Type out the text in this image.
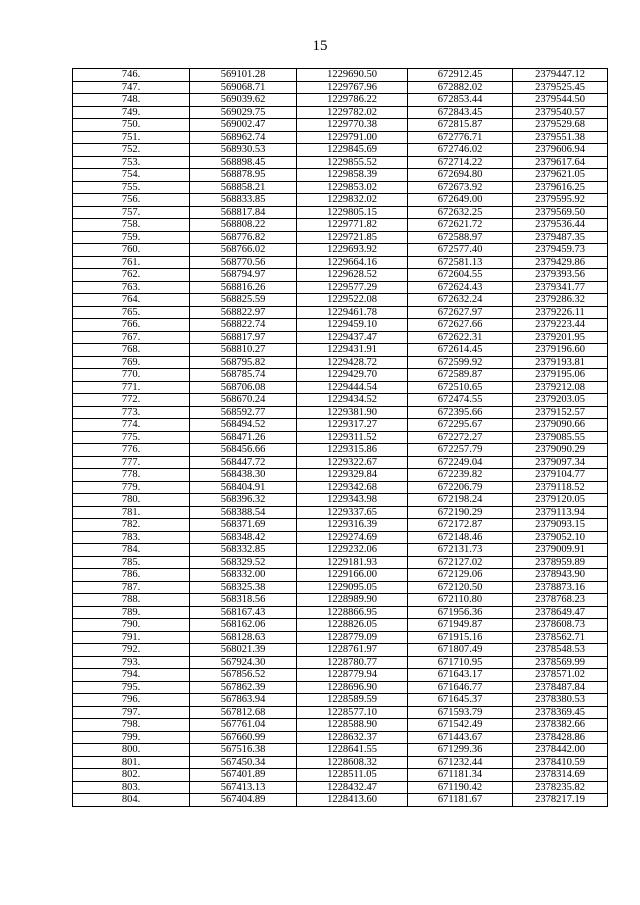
15
746.	569101.28	1229690.50	672912.45	2379447.12
747.	569068.71	1229767.96	672882.02	2379525.45
748.	569039.62	1229786.22	672853.44	2379544.50
749.	569029.75	1229782.02	672843.45	2379540.57
750.	569002.47	1229770.38	672815.87	2379529.68
751.	568962.74	1229791.00	672776.71	2379551.38
752.	568930.53	1229845.69	672746.02	2379606.94
753.	568898.45	1229855.52	672714.22	2379617.64
754.	568878.95	1229858.39	672694.80	2379621.05
755.	568858.21	1229853.02	672673.92	2379616.25
756.	568833.85	1229832.02	672649.00	2379595.92
757.	568817.84	1229805.15	672632.25	2379569.50
758.	568808.22	1229771.82	672621.72	2379536.44
759.	568776.82	1229721.85	672588.97	2379487.35
760.	568766.02	1229693.92	672577.40	2379459.73
761.	568770.56	1229664.16	672581.13	2379429.86
762.	568794.97	1229628.52	672604.55	2379393.56
763.	568816.26	1229577.29	672624.43	2379341.77
764.	568825.59	1229522.08	672632.24	2379286.32
765.	568822.97	1229461.78	672627.97	2379226.11
766.	568822.74	1229459.10	672627.66	2379223.44
767.	568817.97	1229437.47	672622.31	2379201.95
768.	568810.27	1229431.91	672614.45	2379196.60
769.	568795.82	1229428.72	672599.92	2379193.81
770.	568785.74	1229429.70	672589.87	2379195.06
771.	568706.08	1229444.54	672510.65	2379212.08
772.	568670.24	1229434.52	672474.55	2379203.05
773.	568592.77	1229381.90	672395.66	2379152.57
774.	568494.52	1229317.27	672295.67	2379090.66
775.	568471.26	1229311.52	672272.27	2379085.55
776.	568456.66	1229315.86	672257.79	2379090.29
777.	568447.72	1229322.67	672249.04	2379097.34
778.	568438.30	1229329.84	672239.82	2379104.77
779.	568404.91	1229342.68	672206.79	2379118.52
780.	568396.32	1229343.98	672198.24	2379120.05
781.	568388.54	1229337.65	672190.29	2379113.94
782.	568371.69	1229316.39	672172.87	2379093.15
783.	568348.42	1229274.69	672148.46	2379052.10
784.	568332.85	1229232.06	672131.73	2379009.91
785.	568329.52	1229181.93	672127.02	2378959.89
786.	568332.00	1229166.00	672129.06	2378943.90
787.	568325.38	1229095.05	672120.50	2378873.16
788.	568318.56	1228989.90	672110.80	2378768.23
789.	568167.43	1228866.95	671956.36	2378649.47
790.	568162.06	1228826.05	671949.87	2378608.73
791.	568128.63	1228779.09	671915.16	2378562.71
792.	568021.39	1228761.97	671807.49	2378548.53
793.	567924.30	1228780.77	671710.95	2378569.99
794.	567856.52	1228779.94	671643.17	2378571.02
795.	567862.39	1228696.90	671646.77	2378487.84
796.	567863.94	1228589.59	671645.37	2378380.53
797.	567812.68	1228577.10	671593.79	2378369.45
798.	567761.04	1228588.90	671542.49	2378382.66
799.	567660.99	1228632.37	671443.67	2378428.86
800.	567516.38	1228641.55	671299.36	2378442.00
801.	567450.34	1228608.32	671232.44	2378410.59
802.	567401.89	1228511.05	671181.34	2378314.69
803.	567413.13	1228432.47	671190.42	2378235.82
804.	567404.89	1228413.60	671181.67	2378217.19
